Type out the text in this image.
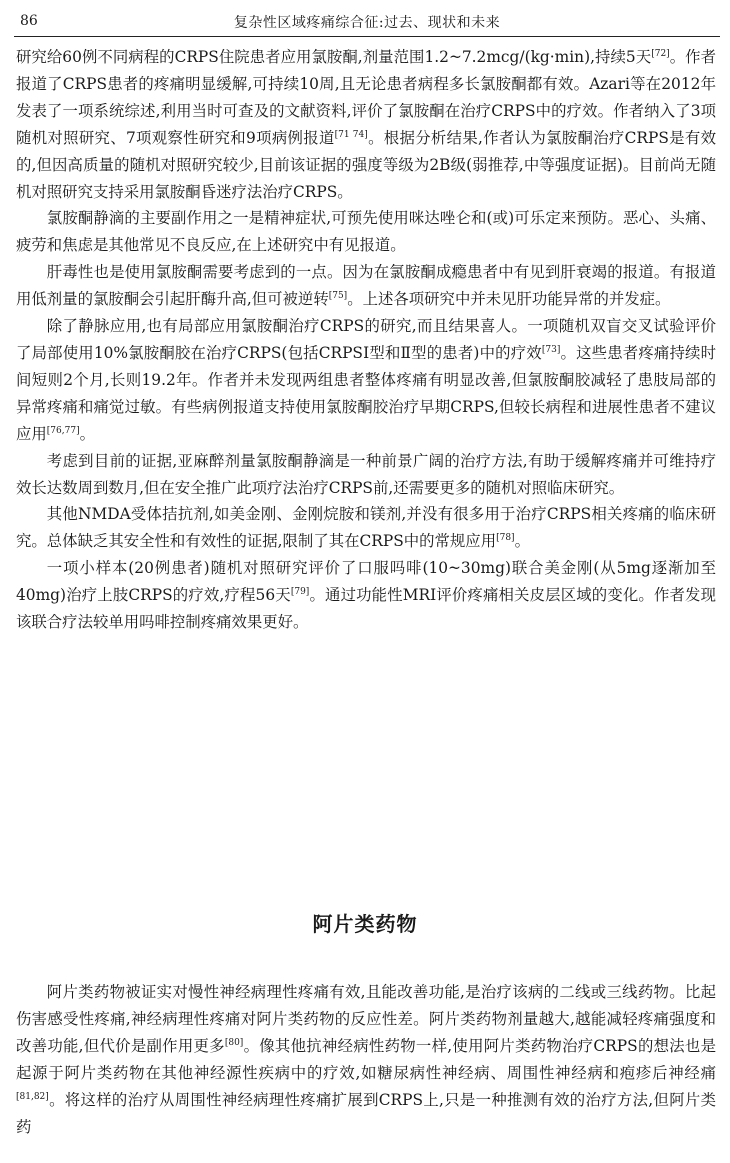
86	复杂性区域疼痛综合征:过去、现状和未来

研究给60例不同病程的CRPS住院患者应用氯胺酮,剂量范围1.2~7.2mcg/(kg·min),持续5天[72]。作者报道了CRPS患者的疼痛明显缓解,可持续10周,且无论患者病程多长氯胺酮都有效。Azari等在2012年发表了一项系统综述,利用当时可查及的文献资料,评价了氯胺酮在治疗CRPS中的疗效。作者纳入了3项随机对照研究、7项观察性研究和9项病例报道[71 74]。根据分析结果,作者认为氯胺酮治疗CRPS是有效的,但因高质量的随机对照研究较少,目前该证据的强度等级为2B级(弱推荐,中等强度证据)。目前尚无随机对照研究支持采用氯胺酮昏迷疗法治疗CRPS。

氯胺酮静滴的主要副作用之一是精神症状,可预先使用咪达唑仑和(或)可乐定来预防。恶心、头痛、疲劳和焦虑是其他常见不良反应,在上述研究中有见报道。

肝毒性也是使用氯胺酮需要考虑到的一点。因为在氯胺酮成瘾患者中有见到肝衰竭的报道。有报道用低剂量的氯胺酮会引起肝酶升高,但可被逆转[75]。上述各项研究中并未见肝功能异常的并发症。

除了静脉应用,也有局部应用氯胺酮治疗CRPS的研究,而且结果喜人。一项随机双盲交叉试验评价了局部使用10%氯胺酮胶在治疗CRPS(包括CRPSⅠ型和Ⅱ型的患者)中的疗效[73]。这些患者疼痛持续时间短则2个月,长则19.2年。作者并未发现两组患者整体疼痛有明显改善,但氯胺酮胶减轻了患肢局部的异常疼痛和痛觉过敏。有些病例报道支持使用氯胺酮胶治疗早期CRPS,但较长病程和进展性患者不建议应用[76,77]。

考虑到目前的证据,亚麻醉剂量氯胺酮静滴是一种前景广阔的治疗方法,有助于缓解疼痛并可维持疗效长达数周到数月,但在安全推广此项疗法治疗CRPS前,还需要更多的随机对照临床研究。

其他NMDA受体拮抗剂,如美金刚、金刚烷胺和镁剂,并没有很多用于治疗CRPS相关疼痛的临床研究。总体缺乏其安全性和有效性的证据,限制了其在CRPS中的常规应用[78]。

一项小样本(20例患者)随机对照研究评价了口服吗啡(10~30mg)联合美金刚(从5mg逐渐加至40mg)治疗上肢CRPS的疗效,疗程56天[79]。通过功能性MRI评价疼痛相关皮层区域的变化。作者发现该联合疗法较单用吗啡控制疼痛效果更好。

阿片类药物

阿片类药物被证实对慢性神经病理性疼痛有效,且能改善功能,是治疗该病的二线或三线药物。比起伤害感受性疼痛,神经病理性疼痛对阿片类药物的反应性差。阿片类药物剂量越大,越能减轻疼痛强度和改善功能,但代价是副作用更多[80]。像其他抗神经病性药物一样,使用阿片类药物治疗CRPS的想法也是起源于阿片类药物在其他神经源性疾病中的疗效,如糖尿病性神经病、周围性神经病和疱疹后神经痛[81,82]。将这样的治疗从周围性神经病理性疼痛扩展到CRPS上,只是一种推测有效的治疗方法,但阿片类药
